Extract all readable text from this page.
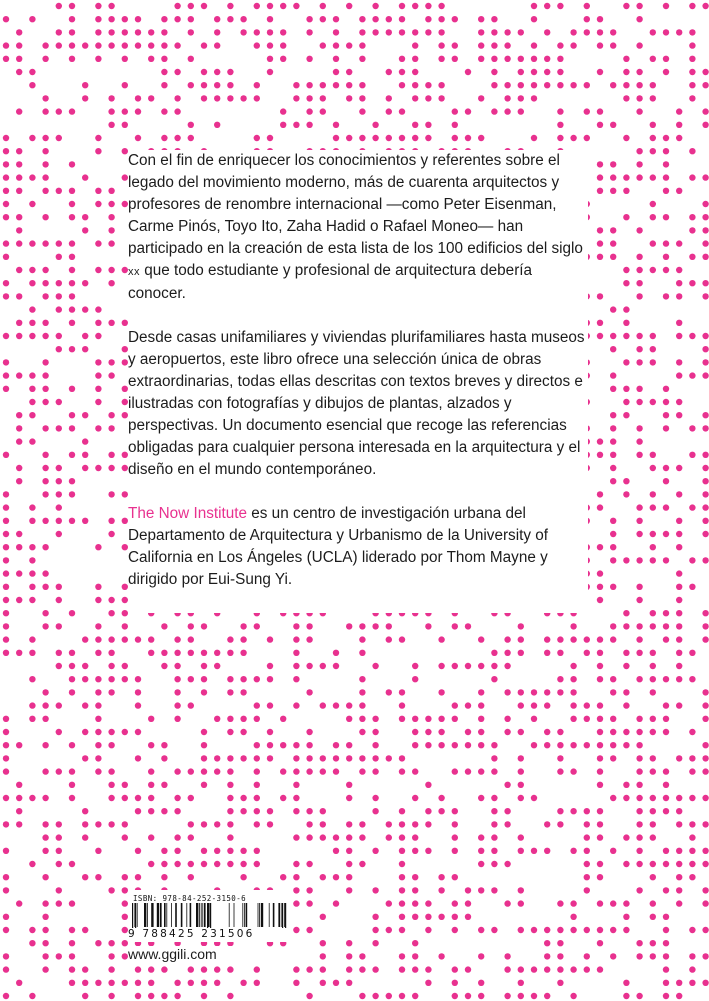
Con el fin de enriquecer los conocimientos y referentes sobre el legado del movimiento moderno, más de cuarenta arquitectos y profesores de renombre internacional —como Peter Eisenman, Carme Pinós, Toyo Ito, Zaha Hadid o Rafael Moneo— han participado en la creación de esta lista de los 100 edificios del siglo xx que todo estudiante y profesional de arquitectura debería conocer.

Desde casas unifamiliares y viviendas plurifamiliares hasta museos y aeropuertos, este libro ofrece una selección única de obras extraordinarias, todas ellas descritas con textos breves y directos e ilustradas con fotografías y dibujos de plantas, alzados y perspectivas. Un documento esencial que recoge las referencias obligadas para cualquier persona interesada en la arquitectura y el diseño en el mundo contemporáneo.

The Now Institute es un centro de investigación urbana del Departamento de Arquitectura y Urbanismo de la University of California en Los Ángeles (UCLA) liderado por Thom Mayne y dirigido por Eui-Sung Yi.

ISBN: 978-84-252-3150-6
9 788425 231506
www.ggili.com
